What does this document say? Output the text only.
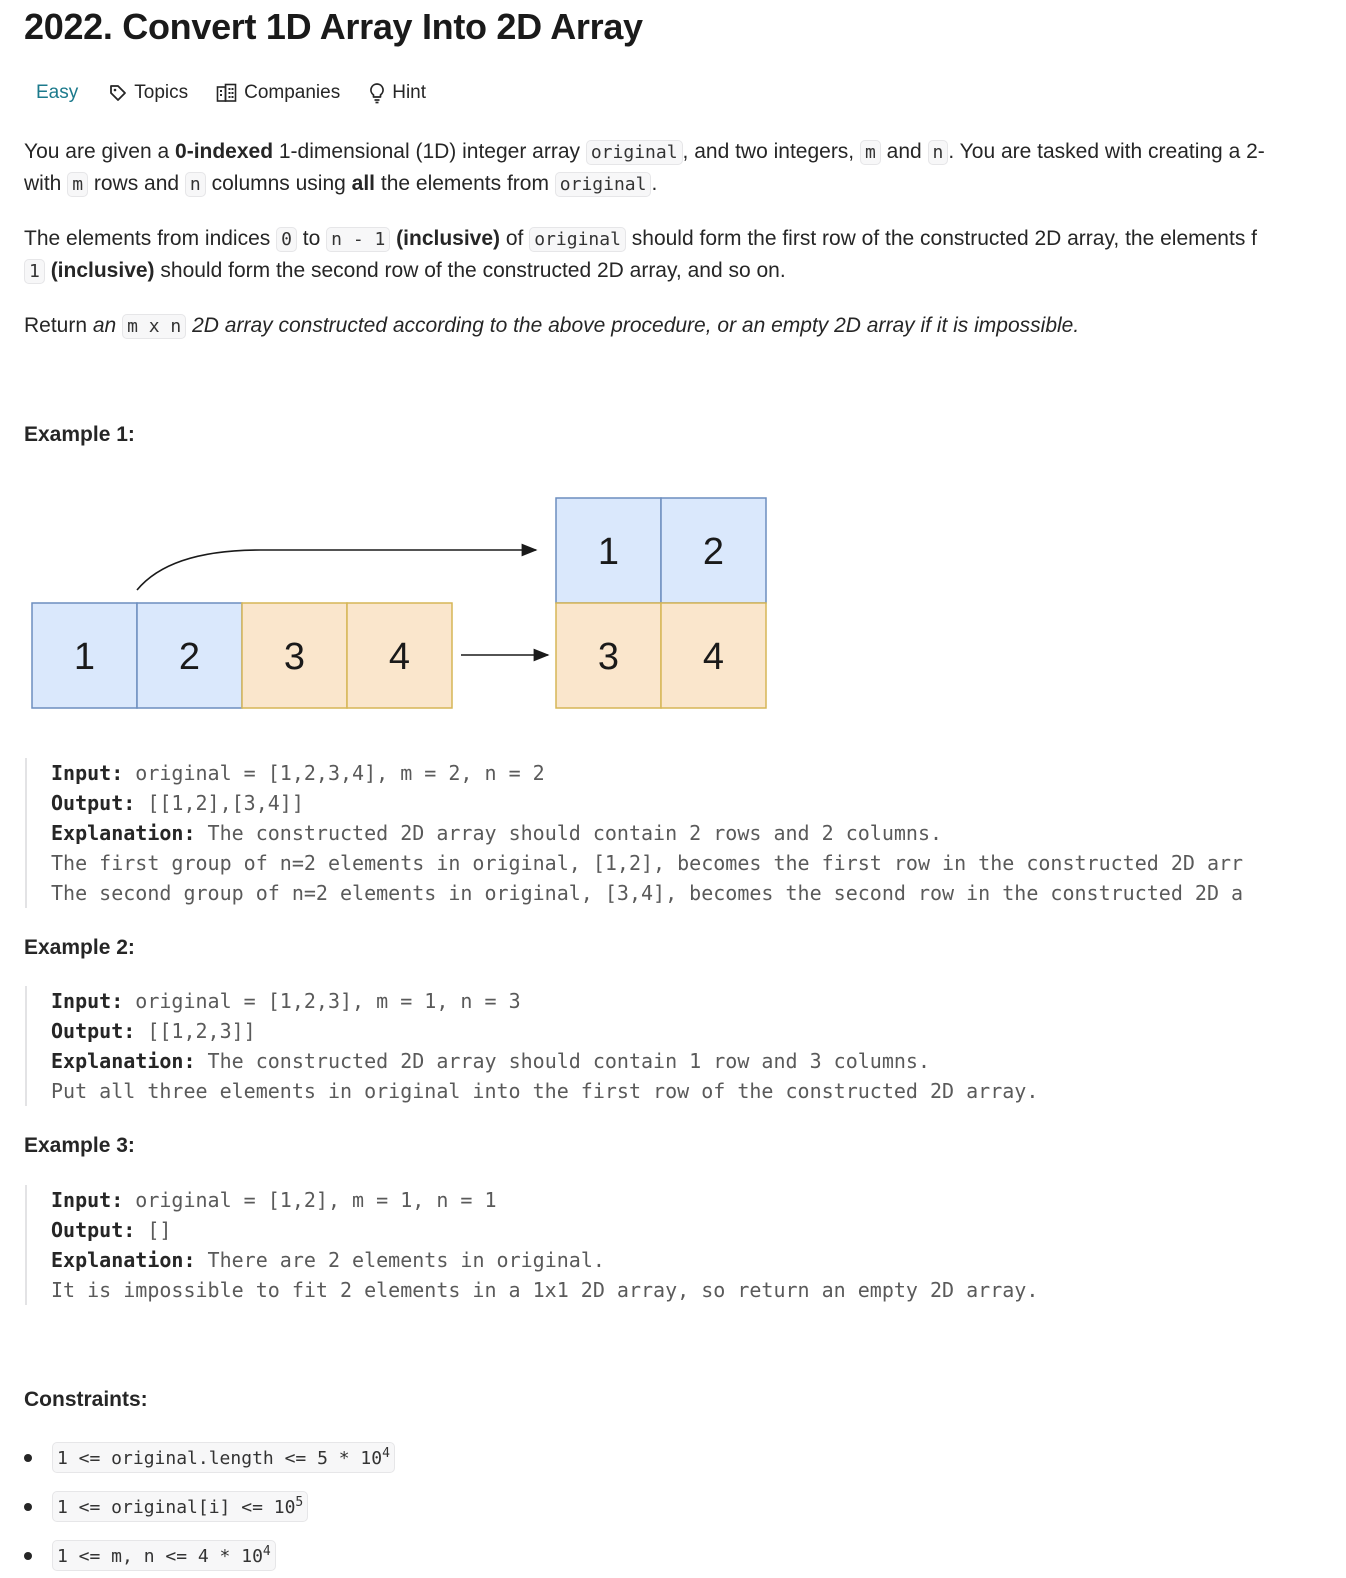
2022. Convert 1D Array Into 2D Array
Easy	Topics	Companies	Hint
You are given a 0-indexed 1-dimensional (1D) integer array original , and two integers, m and n . You are tasked with creating a 2-
with m rows and n columns using all the elements from original .
The elements from indices 0 to n - 1 (inclusive) of original should form the first row of the constructed 2D array, the elements f
1 (inclusive) should form the second row of the constructed 2D array, and so on.
Return an m x n 2D array constructed according to the above procedure, or an empty 2D array if it is impossible.
Example 1:
1 2 3 4
1 2
3 4
Input: original = [1,2,3,4], m = 2, n = 2
Output: [[1,2],[3,4]]
Explanation: The constructed 2D array should contain 2 rows and 2 columns.
The first group of n=2 elements in original, [1,2], becomes the first row in the constructed 2D arr
The second group of n=2 elements in original, [3,4], becomes the second row in the constructed 2D a
Example 2:
Input: original = [1,2,3], m = 1, n = 3
Output: [[1,2,3]]
Explanation: The constructed 2D array should contain 1 row and 3 columns.
Put all three elements in original into the first row of the constructed 2D array.
Example 3:
Input: original = [1,2], m = 1, n = 1
Output: []
Explanation: There are 2 elements in original.
It is impossible to fit 2 elements in a 1x1 2D array, so return an empty 2D array.
Constraints:
1 <= original.length <= $5 * 10^4$
1 <= original[i] <= $10^5$
1 <= m, $n <= 4 * 10^4$
